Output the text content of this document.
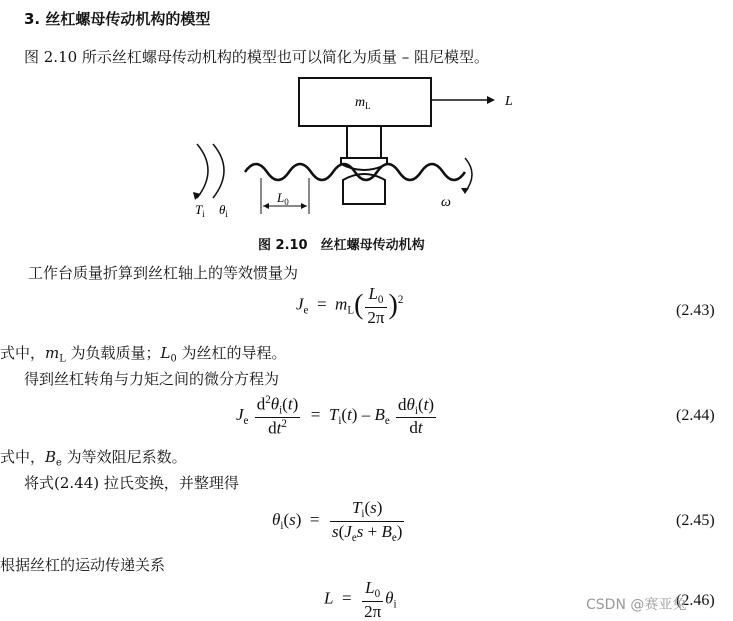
3. 丝杠螺母传动机构的模型
图 2.10 所示丝杠螺母传动机构的模型也可以简化为质量 – 阻尼模型。
$m_L$	L
$L_0$
$T_i$ $\theta_i$
ω
图 2.10　丝杠螺母传动机构
工作台质量折算到丝杠轴上的等效惯量为
$J_e = m_L( \frac{L_0}{2\pi} )^2$
(2.43)
式中，$m_L$ 为负载质量；$L_0$ 为丝杠的导程。
得到丝杠转角与力矩之间的微分方程为
$J_e \frac{d^2\theta_i(t)}{dt^2} = T_i(t) - B_e \frac{d\theta_i(t)}{dt}$	(2.44)
式中，$B_e$ 为等效阻尼系数。
将式(2.44) 拉氏变换，并整理得
$\theta_i(s) = \frac{T_i(s)}{s(J_es + B_e)}$	(2.45)
根据丝杠的运动传递关系
$L = \frac{L_0}{2\pi} \theta_i$	(2.46)
CSDN @赛亚兔
